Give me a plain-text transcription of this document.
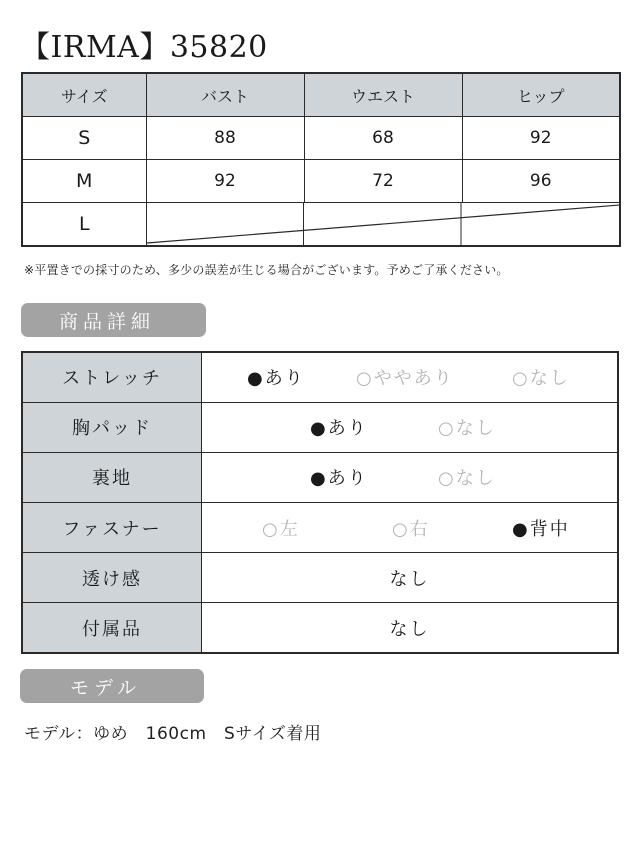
【IRMA】35820
サイズ	バスト	ウエスト	ヒップ
S	88	68	92
M	92	72	96
L	
※平置きでの採寸のため、多少の誤差が生じる場合がございます。予めご了承ください。
商品詳細
ストレッチ	●あり ○ややあり ○なし

胸パッド	●あり ○なし

裏地	●あり ○なし

ファスナー	○左 ○右 ●背中

透け感	なし
付属品	なし
モデル
モデル：ゆめ　160cm　Sサイズ着用
